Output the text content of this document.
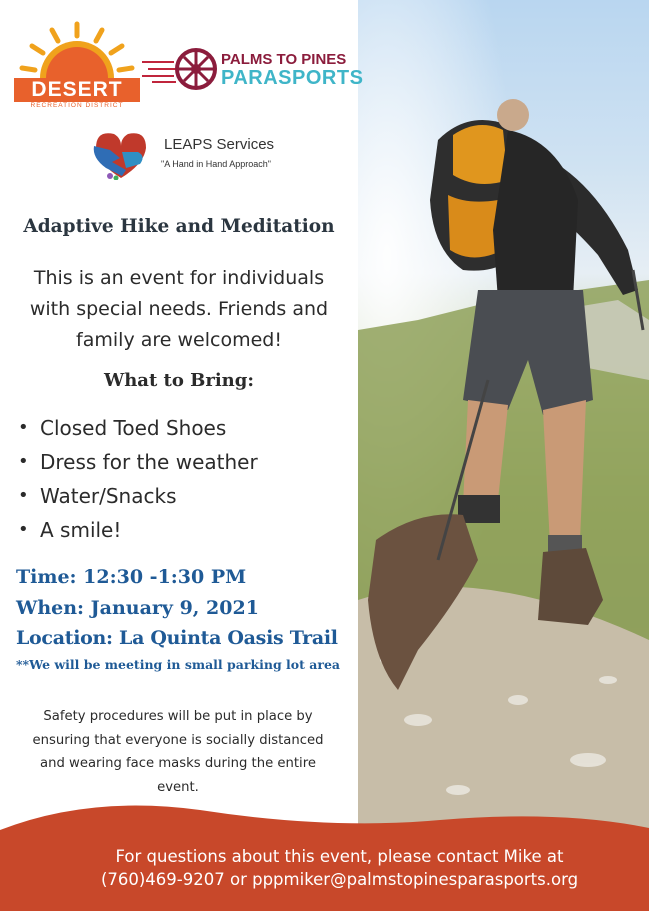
DESERT
RECREATION DISTRICT
PALMS TO PINES
PARASPORTS
LEAPS Services
"A Hand in Hand Approach"
Adaptive Hike and Meditation
This is an event for individuals
with special needs. Friends and
family are welcomed!
What to Bring:
• Closed Toed Shoes
• Dress for the weather
• Water/Snacks
• A smile!
Time: 12:30 -1:30 PM
When: January 9, 2021
Location: La Quinta Oasis Trail
**We will be meeting in small parking lot area
Safety procedures will be put in place by
ensuring that everyone is socially distanced
and wearing face masks during the entire
event.
For questions about this event, please contact Mike at
(760)469-9207 or pppmiker@palmstopinesparasports.org
